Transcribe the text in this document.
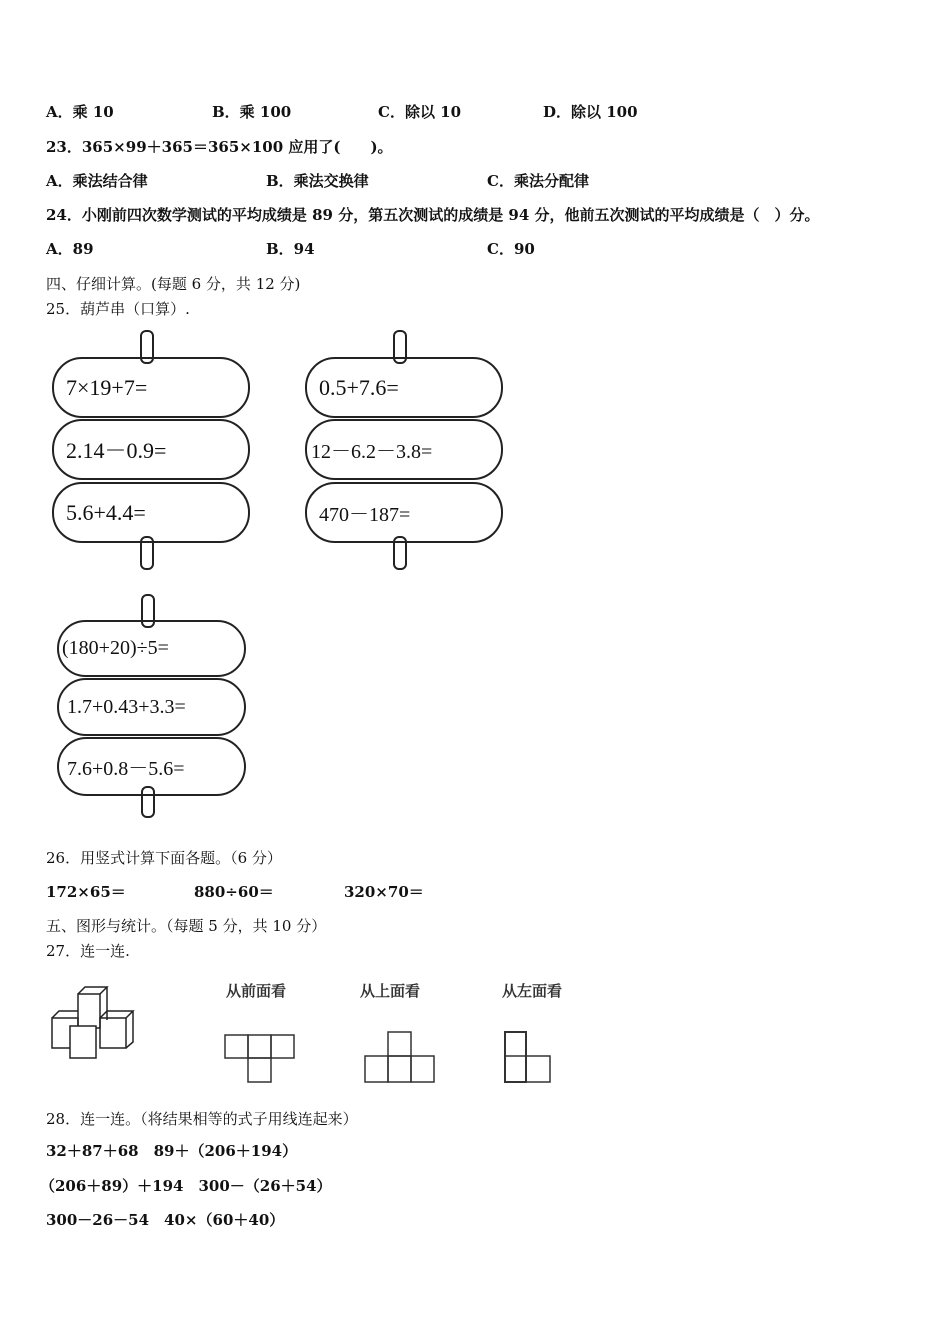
A．乘 10	B．乘 100	C．除以 10	D．除以 100
23．365×99＋365＝365×100 应用了(　　)。
A．乘法结合律	B．乘法交换律	C．乘法分配律
24．小刚前四次数学测试的平均成绩是 89 分，第五次测试的成绩是 94 分，他前五次测试的平均成绩是（　）分。
A．89	B．94	C．90
四、仔细计算。(每题 6 分，共 12 分)
25．葫芦串（口算）.
7×19+7=
2.14－0.9=
5.6+4.4=
0.5+7.6=
12－6.2－3.8=
470－187=
(180+20)÷5=
1.7+0.43+3.3=
7.6+0.8－5.6=
26．用竖式计算下面各题。（6 分）
172×65＝	880÷60＝	320×70＝
五、图形与统计。（每题 5 分，共 10 分）
27．连一连.
从前面看	从上面看	从左面看
28．连一连。（将结果相等的式子用线连起来）
32＋87＋68　89＋（206＋194）
（206＋89）＋194　300－（26＋54）
300－26－54　40×（60＋40）
